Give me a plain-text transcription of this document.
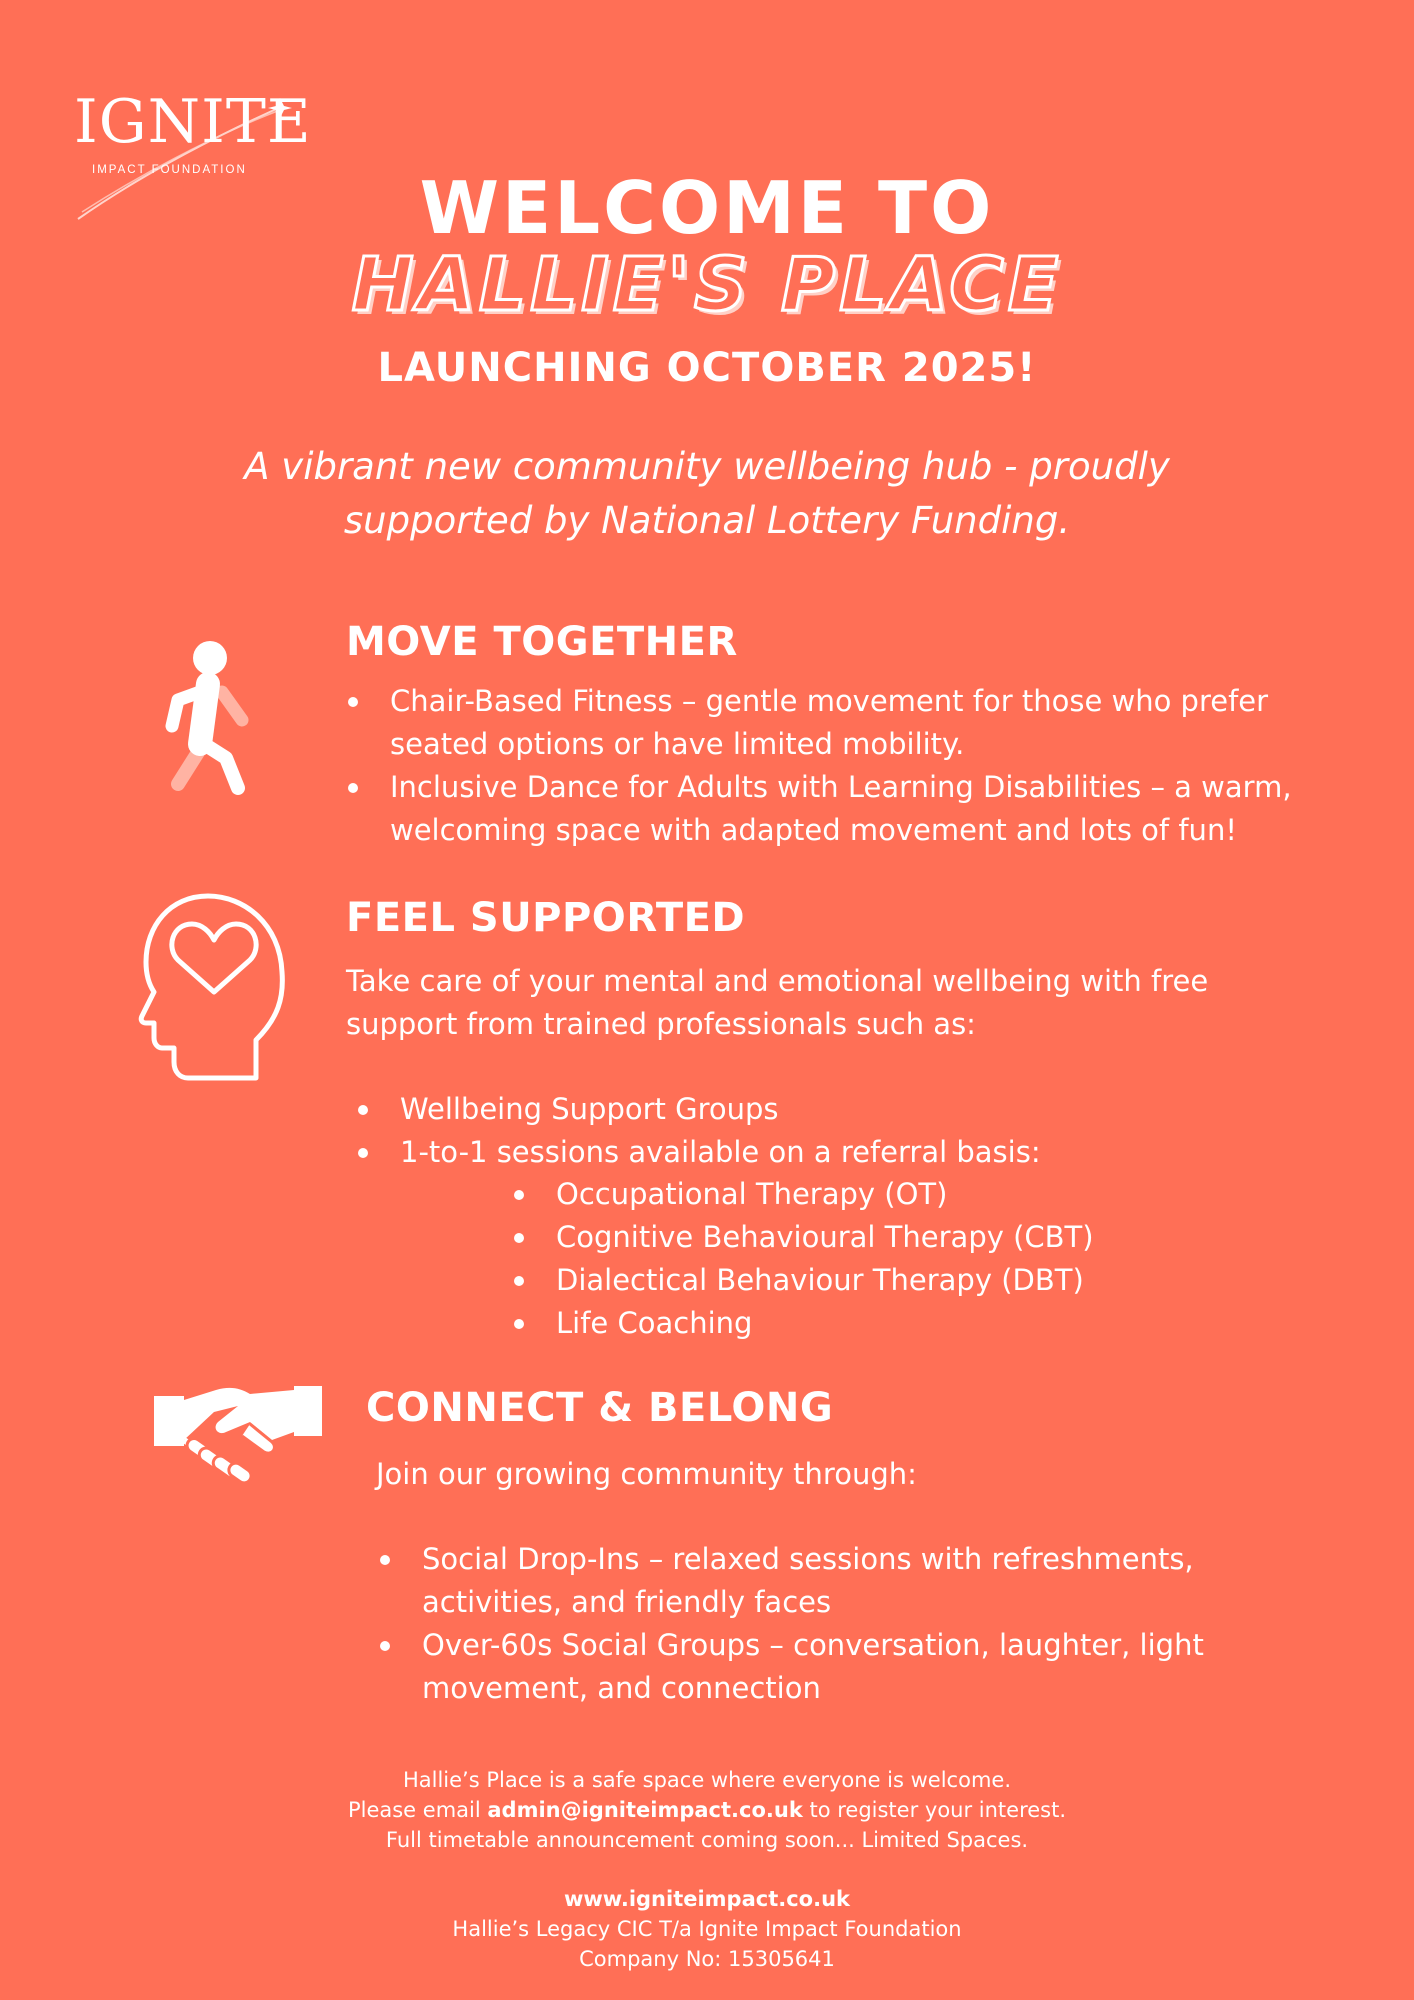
IGNITE
IMPACT FOUNDATION	WELCOME TO
HALLIE'S PLACE
LAUNCHING OCTOBER 2025!
A vibrant new community wellbeing hub - proudly supported by National Lottery Funding.
MOVE TOGETHER
Chair-Based Fitness – gentle movement for those who prefer seated options or have limited mobility.
Inclusive Dance for Adults with Learning Disabilities – a warm, welcoming space with adapted movement and lots of fun!
FEEL SUPPORTED
Take care of your mental and emotional wellbeing with free support from trained professionals such as:
Wellbeing Support Groups
1-to-1 sessions available on a referral basis:
Occupational Therapy (OT)
Cognitive Behavioural Therapy (CBT)
Dialectical Behaviour Therapy (DBT)
Life Coaching
CONNECT & BELONG
Join our growing community through:
Social Drop-Ins – relaxed sessions with refreshments, activities, and friendly faces
Over-60s Social Groups – conversation, laughter, light movement, and connection
Hallie’s Place is a safe space where everyone is welcome.
Please email admin@igniteimpact.co.uk to register your interest.
Full timetable announcement coming soon... Limited Spaces.
www.igniteimpact.co.uk
Hallie’s Legacy CIC T/a Ignite Impact Foundation
Company No: 15305641
